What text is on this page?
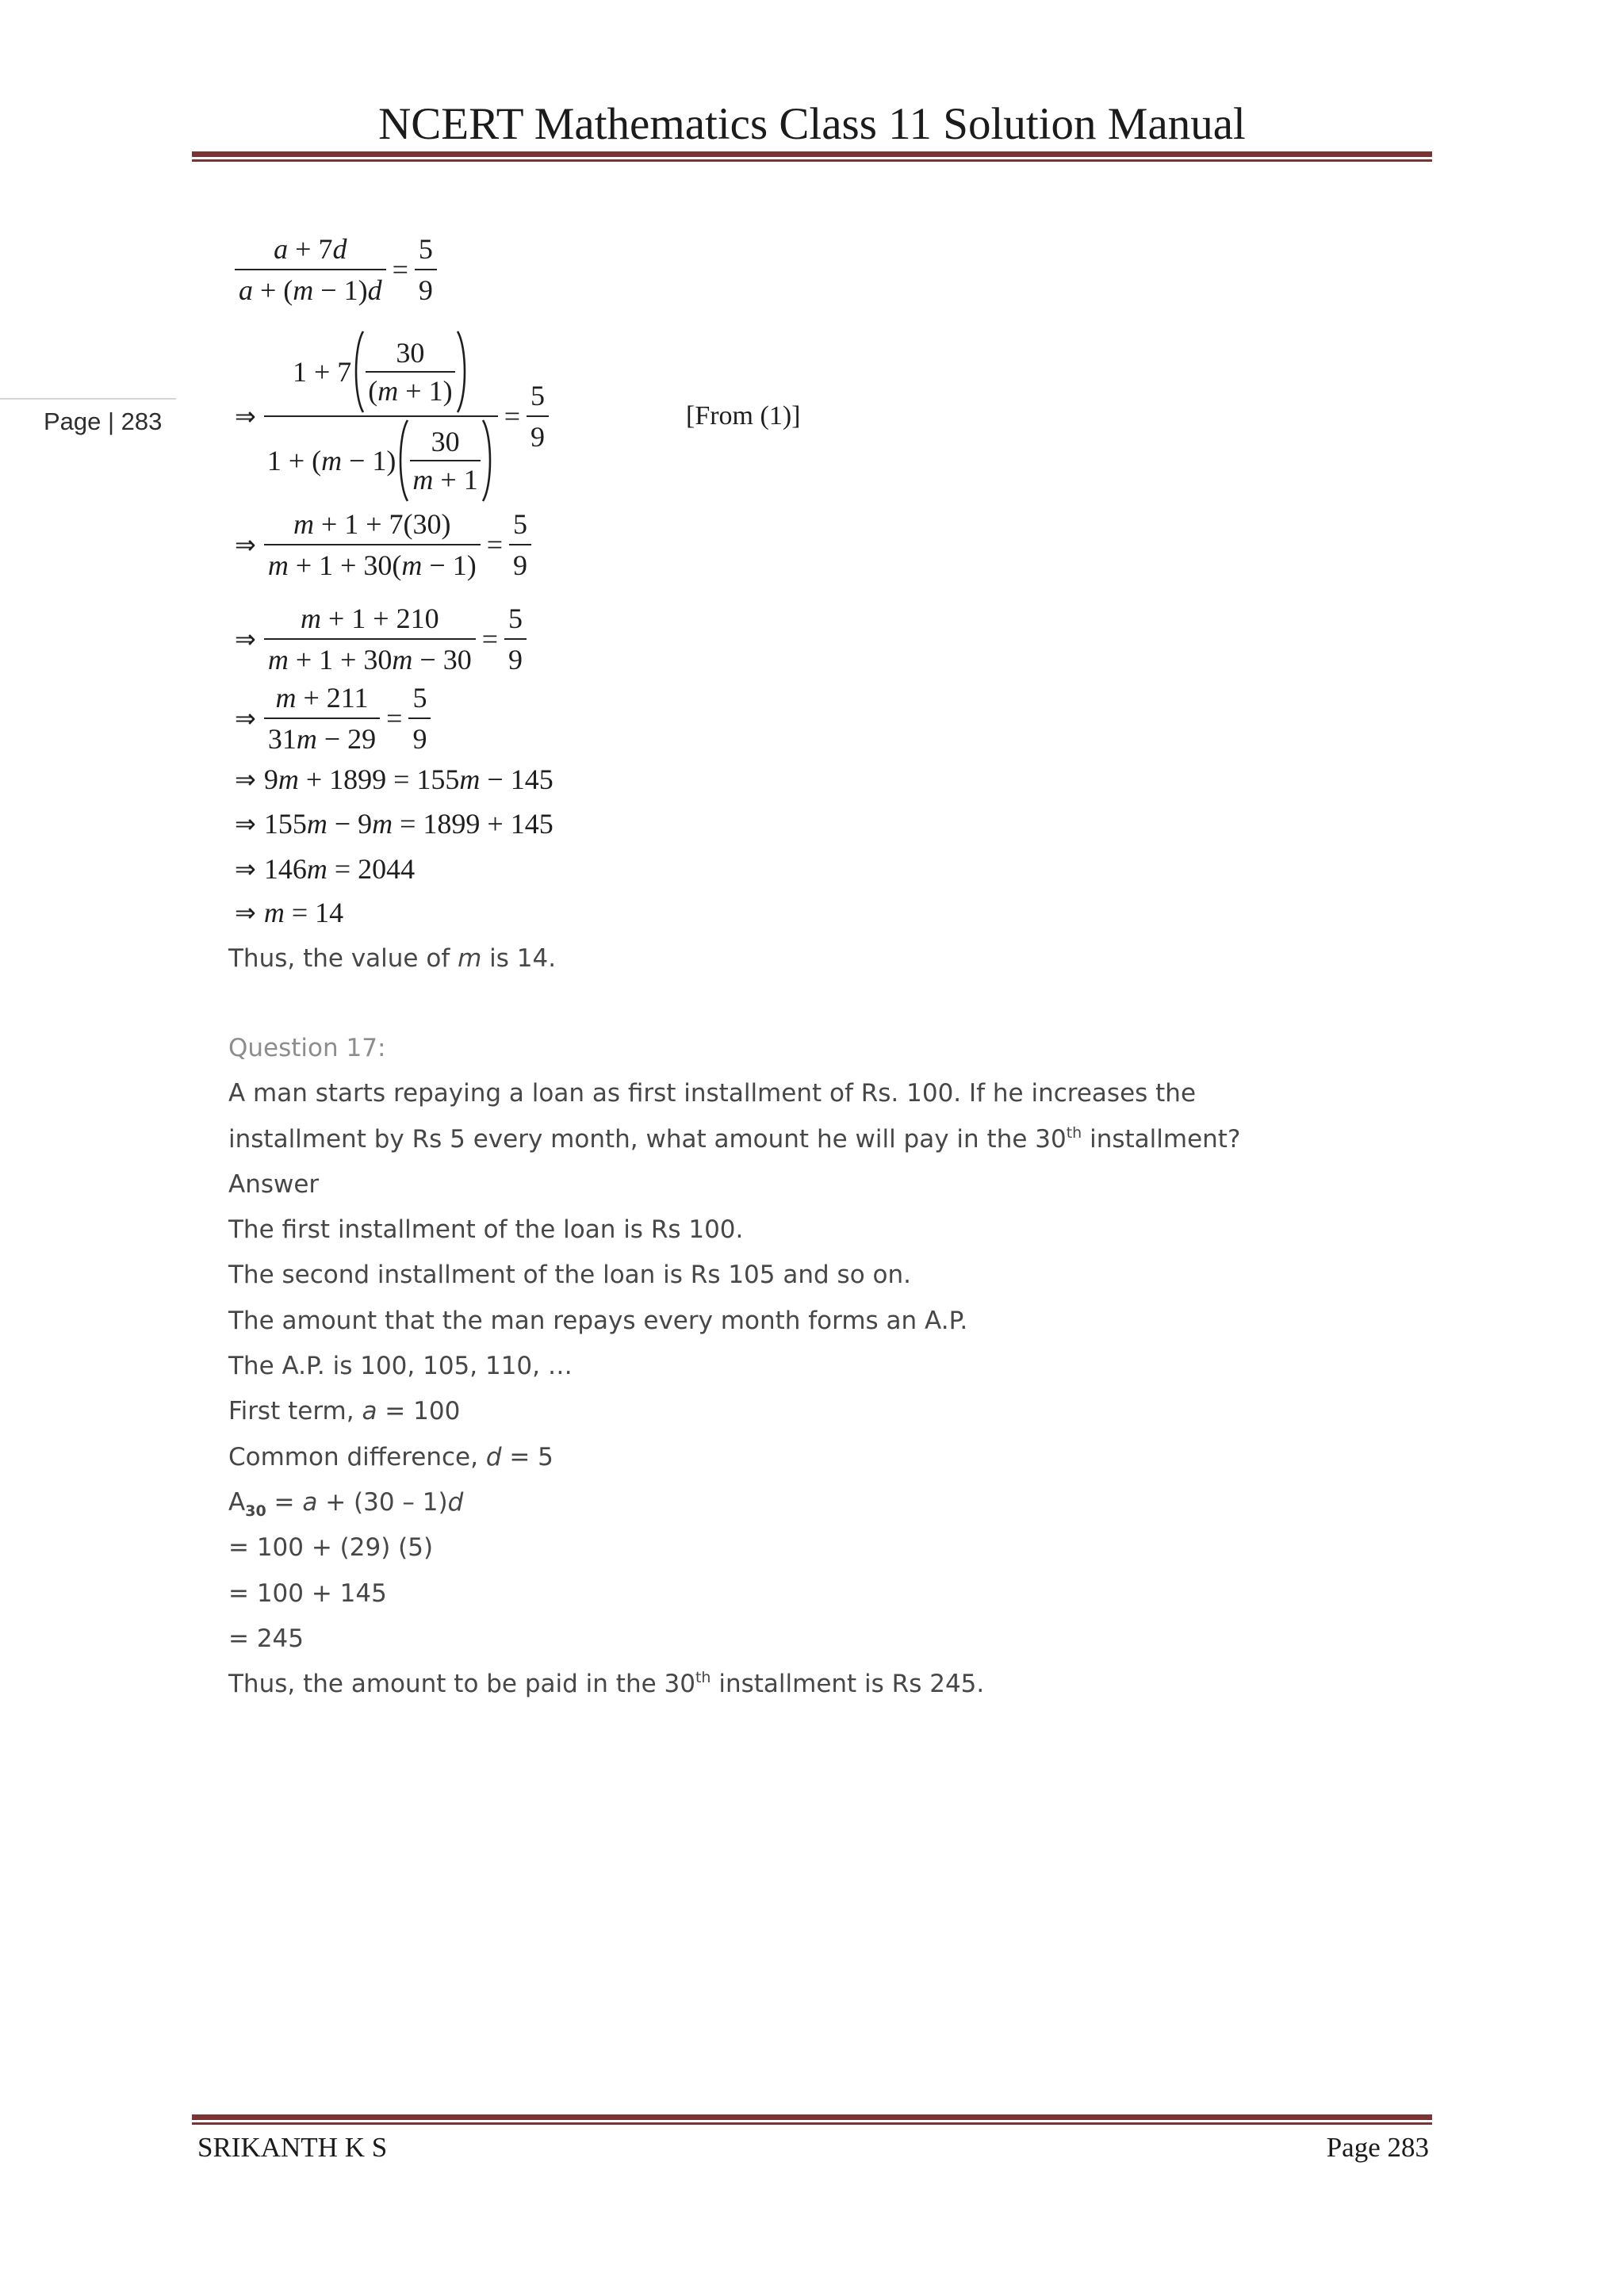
NCERT Mathematics Class 11 Solution Manual
Page | 283
$\frac{a + 7d}{a + (m - 1)d} = \frac{5}{9}$
⇒
$1 + 7 \frac{30}{(m + 1)}$
$1 + (m - 1) \frac{30}{m + 1}$
= $\frac{5}{9}$	[From (1)]
⇒ $\frac{m + 1 + 7(30)}{m + 1 + 30(m - 1)} = \frac{5}{9}$
⇒ $\frac{m + 1 + 210}{m + 1 + 30m - 30} = \frac{5}{9}$
⇒ $\frac{m + 211}{31m - 29} = \frac{5}{9}$
⇒ 9m + 1899 = 155m − 145
⇒ 155m − 9m = 1899 + 145
⇒ 146m = 2044
⇒ m = 14
Thus, the value of m is 14.
Question 17:
A man starts repaying a loan as first installment of Rs. 100. If he increases the
installment by Rs 5 every month, what amount he will pay in the 30th installment?
Answer
The first installment of the loan is Rs 100.
The second installment of the loan is Rs 105 and so on.
The amount that the man repays every month forms an A.P.
The A.P. is 100, 105, 110, …
First term, a = 100
Common difference, d = 5
$A_{30} = a + (30 - 1)d$
= 100 + (29) (5)
= 100 + 145
= 245
Thus, the amount to be paid in the 30th installment is Rs 245.
SRIKANTH K S	Page 283
